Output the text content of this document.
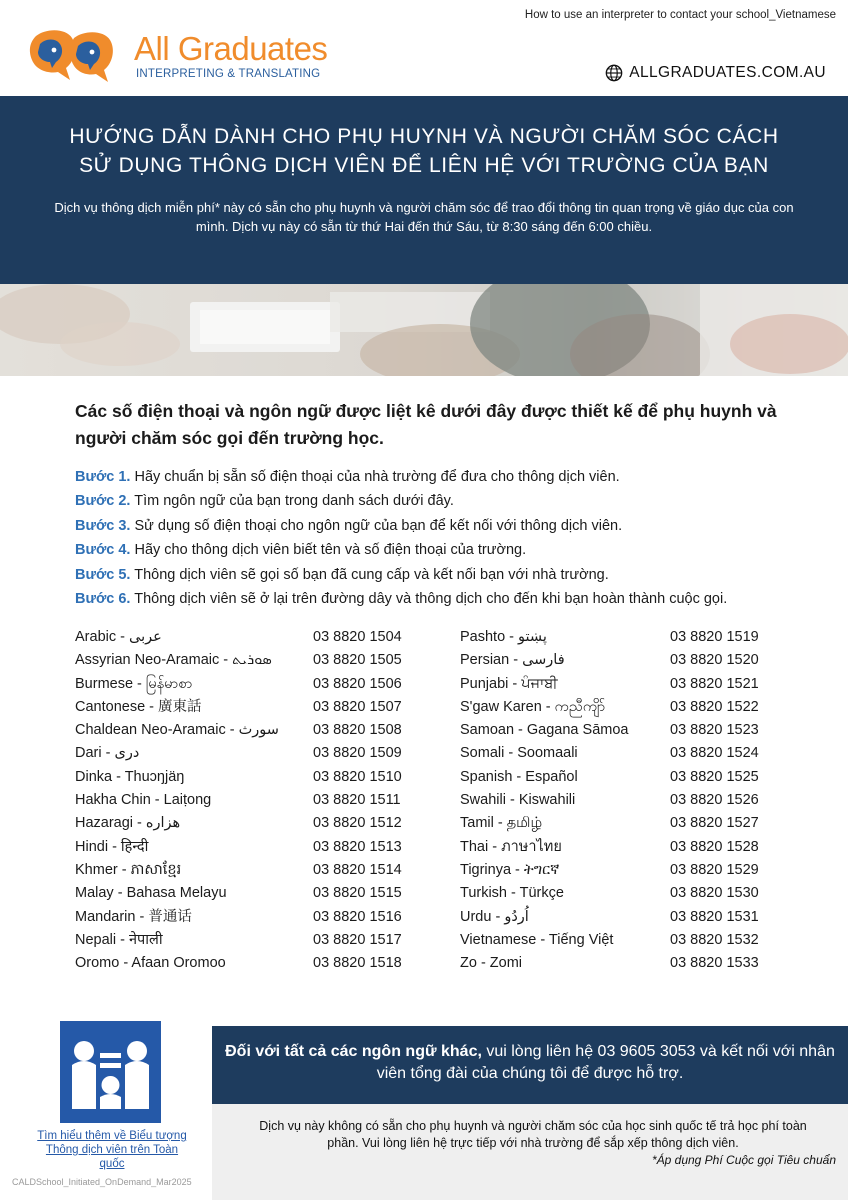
How to use an interpreter to contact your school_Vietnamese
All Graduates
INTERPRETING & TRANSLATING	ALLGRADUATES.COM.AU
HƯỚNG DẪN DÀNH CHO PHỤ HUYNH VÀ NGƯỜI CHĂM SÓC CÁCH SỬ DỤNG THÔNG DỊCH VIÊN ĐỂ LIÊN HỆ VỚI TRƯỜNG CỦA BẠN

Dịch vụ thông dịch miễn phí* này có sẵn cho phụ huynh và người chăm sóc để trao đổi thông tin quan trọng về giáo dục của con mình. Dịch vụ này có sẵn từ thứ Hai đến thứ Sáu, từ 8:30 sáng đến 6:00 chiều.

Các số điện thoại và ngôn ngữ được liệt kê dưới đây được thiết kế để phụ huynh và người chăm sóc gọi đến trường học.
Bước 1. Hãy chuẩn bị sẵn số điện thoại của nhà trường để đưa cho thông dịch viên.
Bước 2. Tìm ngôn ngữ của bạn trong danh sách dưới đây.
Bước 3. Sử dụng số điện thoại cho ngôn ngữ của bạn để kết nối với thông dịch viên.
Bước 4. Hãy cho thông dịch viên biết tên và số điện thoại của trường.
Bước 5. Thông dịch viên sẽ gọi số bạn đã cung cấp và kết nối bạn với nhà trường.
Bước 6. Thông dịch viên sẽ ở lại trên đường dây và thông dịch cho đến khi bạn hoàn thành cuộc gọi.
Arabic - عربى	03 8820 1504
Assyrian Neo-Aramaic - ܣܘܪܝܬ	03 8820 1505
Burmese - မြန်မာစာ	03 8820 1506
Cantonese - 廣東話	03 8820 1507
Chaldean Neo-Aramaic - سورث 03 8820 1508
Dari - دری	03 8820 1509
Dinka - Thuɔŋjäŋ	03 8820 1510
Hakha Chin - Laiṭong	03 8820 1511
Hazaragi - هزاره	03 8820 1512
Hindi - हिन्दी	03 8820 1513
Khmer - ភាសាខ្មែរ	03 8820 1514
Malay - Bahasa Melayu	03 8820 1515
Mandarin - 普通话	03 8820 1516
Nepali - नेपाली	03 8820 1517
Oromo - Afaan Oromoo	03 8820 1518
Pashto - پښتو	03 8820 1519
Persian - فارسی	03 8820 1520
Punjabi - ਪੰਜਾਬੀ	03 8820 1521
S'gaw Karen - ကညီကျိာ်	03 8820 1522
Samoan - Gagana Sāmoa	03 8820 1523
Somali - Soomaali	03 8820 1524
Spanish - Español	03 8820 1525
Swahili - Kiswahili	03 8820 1526
Tamil - தமிழ்	03 8820 1527
Thai - ภาษาไทย	03 8820 1528
Tigrinya - ትግርኛ	03 8820 1529
Turkish - Türkçe	03 8820 1530
Urdu - اُردُو	03 8820 1531
Vietnamese - Tiếng Việt	03 8820 1532
Zo - Zomi	03 8820 1533
Tìm hiểu thêm về Biểu tượng Thông dịch viên trên Toàn quốc
CALDSchool_Initiated_OnDemand_Mar2025
Đối với tất cả các ngôn ngữ khác, vui lòng liên hệ 03 9605 3053 và kết nối với nhân viên tổng đài của chúng tôi để được hỗ trợ.

Dịch vụ này không có sẵn cho phụ huynh và người chăm sóc của học sinh quốc tế trả học phí toàn phần. Vui lòng liên hệ trực tiếp với nhà trường để sắp xếp thông dịch viên.

*Áp dụng Phí Cuộc gọi Tiêu chuẩn
